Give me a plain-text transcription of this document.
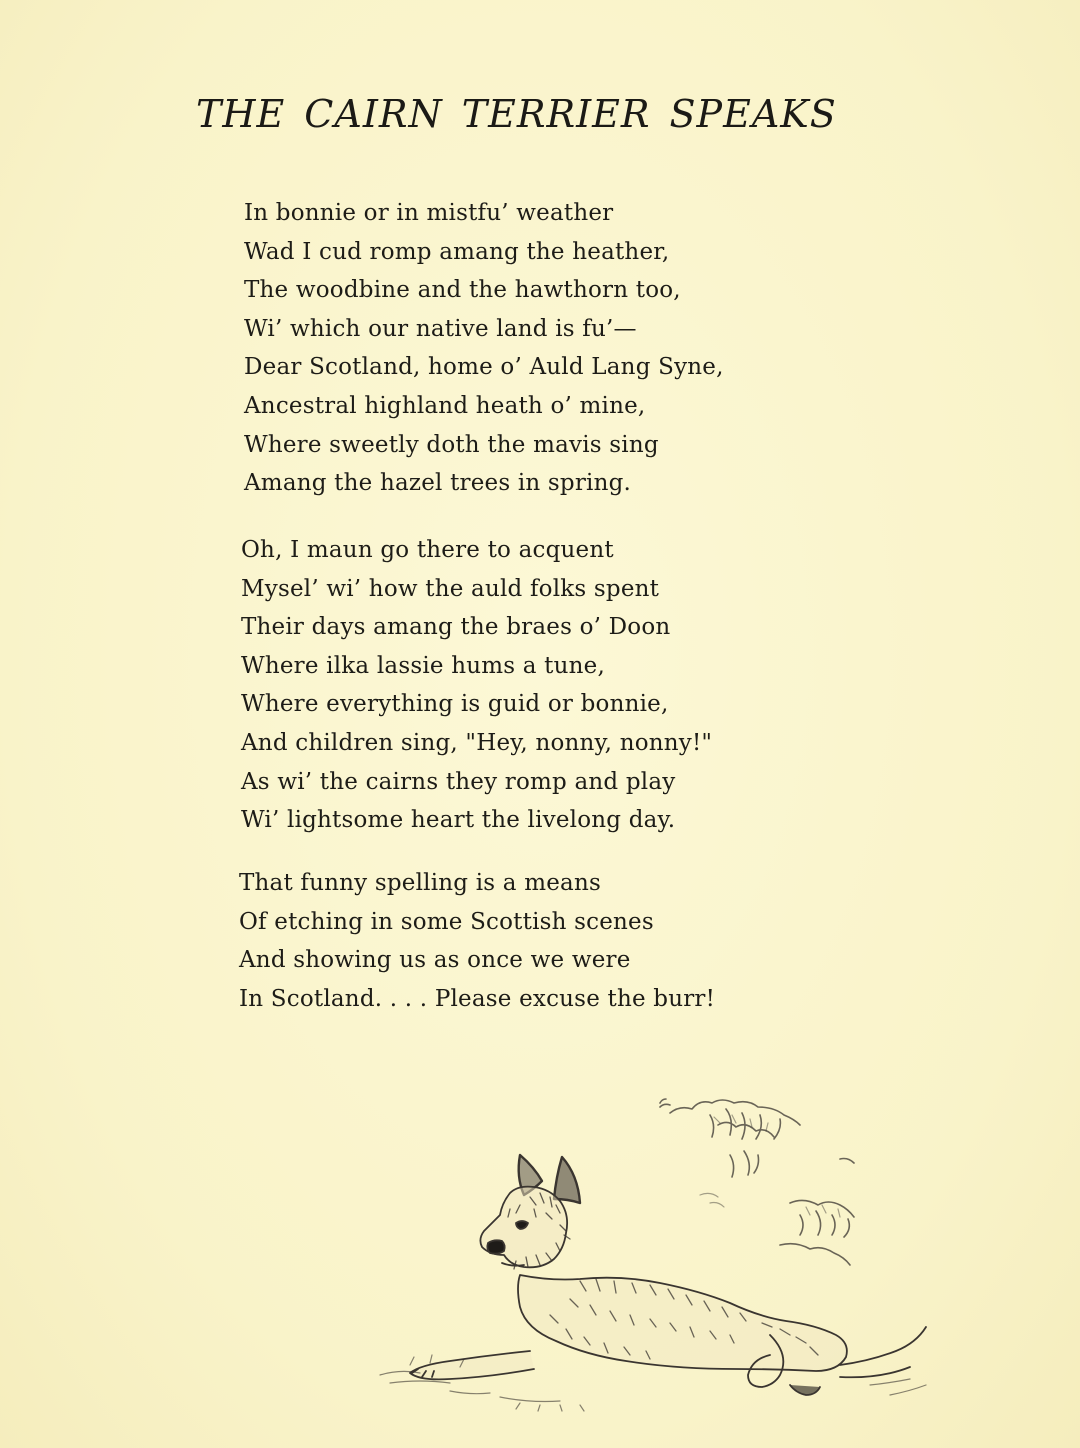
THE CAIRN TERRIER SPEAKS
In bonnie or in mistfu’ weather
Wad I cud romp amang the heather,
The woodbine and the hawthorn too,
Wi’ which our native land is fu’—
Dear Scotland, home o’ Auld Lang Syne,
Ancestral highland heath o’ mine,
Where sweetly doth the mavis sing
Amang the hazel trees in spring.
Oh, I maun go there to acquent
Mysel’ wi’ how the auld folks spent
Their days amang the braes o’ Doon
Where ilka lassie hums a tune,
Where everything is guid or bonnie,
And children sing, "Hey, nonny, nonny!"
As wi’ the cairns they romp and play
Wi’ lightsome heart the livelong day.
That funny spelling is a means
Of etching in some Scottish scenes
And showing us as once we were
In Scotland. . . . Please excuse the burr!
